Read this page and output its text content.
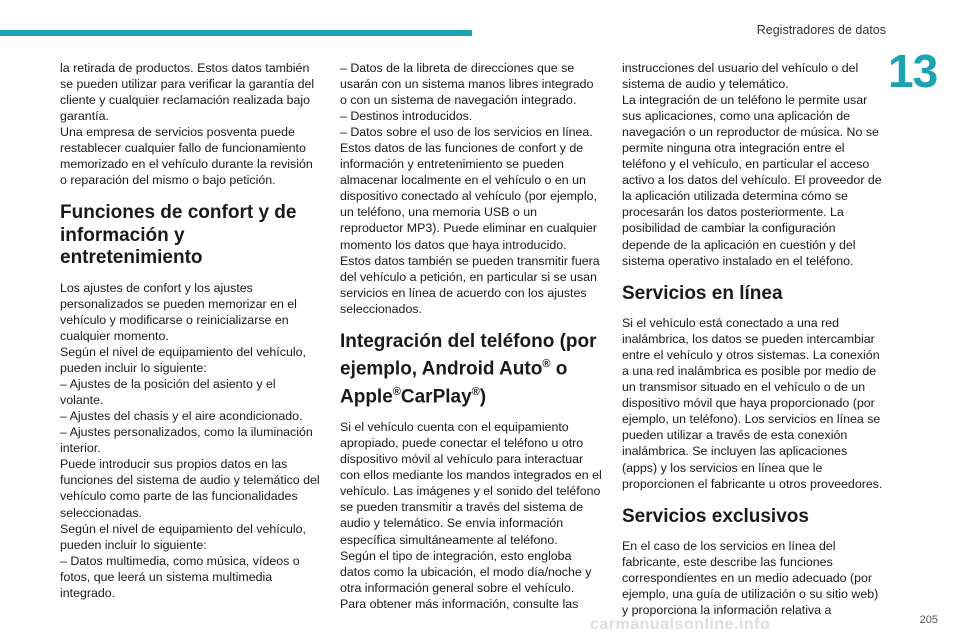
Registradores de datos
13

la retirada de productos. Estos datos también se pueden utilizar para verificar la garantía del cliente y cualquier reclamación realizada bajo garantía.

Una empresa de servicios posventa puede restablecer cualquier fallo de funcionamiento memorizado en el vehículo durante la revisión o reparación del mismo o bajo petición.

Funciones de confort y de información y entretenimiento

Los ajustes de confort y los ajustes personalizados se pueden memorizar en el vehículo y modificarse o reinicializarse en cualquier momento.

Según el nivel de equipamiento del vehículo, pueden incluir lo siguiente:

– Ajustes de la posición del asiento y el volante.

– Ajustes del chasis y el aire acondicionado.

– Ajustes personalizados, como la iluminación interior.

Puede introducir sus propios datos en las funciones del sistema de audio y telemático del vehículo como parte de las funcionalidades seleccionadas.

Según el nivel de equipamiento del vehículo, pueden incluir lo siguiente:

– Datos multimedia, como música, vídeos o fotos, que leerá un sistema multimedia integrado.

– Datos de la libreta de direcciones que se usarán con un sistema manos libres integrado o con un sistema de navegación integrado.

– Destinos introducidos.

– Datos sobre el uso de los servicios en línea.

Estos datos de las funciones de confort y de información y entretenimiento se pueden almacenar localmente en el vehículo o en un dispositivo conectado al vehículo (por ejemplo, un teléfono, una memoria USB o un reproductor MP3). Puede eliminar en cualquier momento los datos que haya introducido.

Estos datos también se pueden transmitir fuera del vehículo a petición, en particular si se usan servicios en línea de acuerdo con los ajustes seleccionados.

Integración del teléfono (por ejemplo, Android Auto® o Apple®CarPlay®)

Si el vehículo cuenta con el equipamiento apropiado, puede conectar el teléfono u otro dispositivo móvil al vehículo para interactuar con ellos mediante los mandos integrados en el vehículo. Las imágenes y el sonido del teléfono se pueden transmitir a través del sistema de audio y telemático. Se envía información específica simultáneamente al teléfono.

Según el tipo de integración, esto engloba datos como la ubicación, el modo día/noche y otra información general sobre el vehículo. Para obtener más información, consulte las

instrucciones del usuario del vehículo o del sistema de audio y telemático.

La integración de un teléfono le permite usar sus aplicaciones, como una aplicación de navegación o un reproductor de música. No se permite ninguna otra integración entre el teléfono y el vehículo, en particular el acceso activo a los datos del vehículo. El proveedor de la aplicación utilizada determina cómo se procesarán los datos posteriormente. La posibilidad de cambiar la configuración depende de la aplicación en cuestión y del sistema operativo instalado en el teléfono.

Servicios en línea

Si el vehículo está conectado a una red inalámbrica, los datos se pueden intercambiar entre el vehículo y otros sistemas. La conexión a una red inalámbrica es posible por medio de un transmisor situado en el vehículo o de un dispositivo móvil que haya proporcionado (por ejemplo, un teléfono). Los servicios en línea se pueden utilizar a través de esta conexión inalámbrica. Se incluyen las aplicaciones (apps) y los servicios en línea que le proporcionen el fabricante u otros proveedores.

Servicios exclusivos

En el caso de los servicios en línea del fabricante, este describe las funciones correspondientes en un medio adecuado (por ejemplo, una guía de utilización o su sitio web) y proporciona la información relativa a

carmanualsonline.info	205
